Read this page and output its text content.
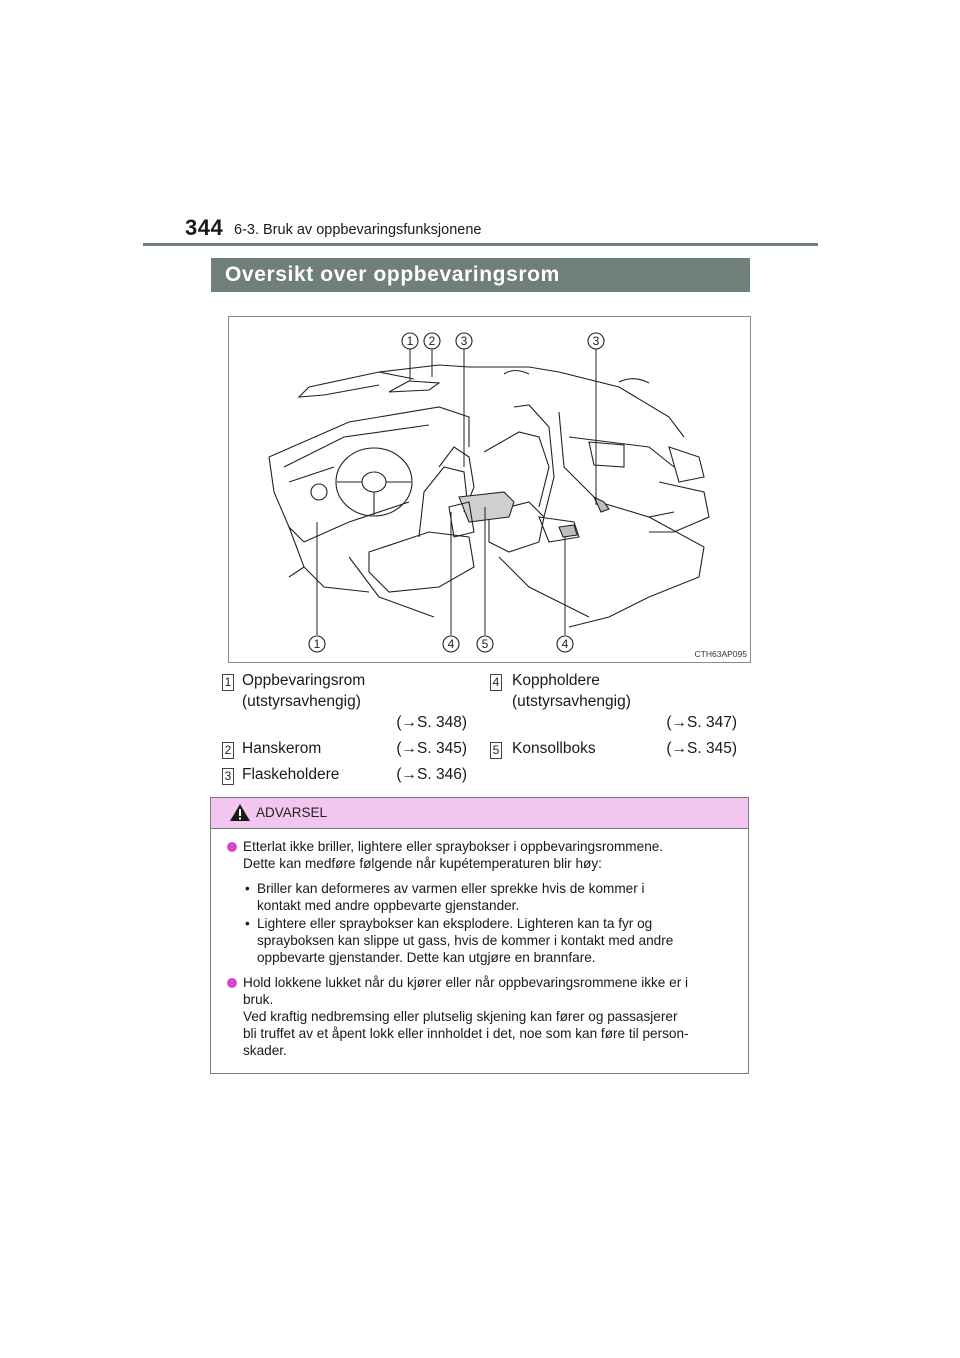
344 6-3. Bruk av oppbevaringsfunksjonene
Oversikt over oppbevaringsrom
1 2 3	3
1	4 5	4
CTH63AP095
1 Oppbevaringsrom
(utstyrsavhengig)
(→S. 348)
2 Hanskerom	(→S. 345)
3 Flaskeholdere	(→S. 346)
4 Koppholdere
(utstyrsavhengig)
(→S. 347)
5 Konsollboks	(→S. 345)
ADVARSEL
Etterlat ikke briller, lightere eller spraybokser i oppbevaringsrommene.
Dette kan medføre følgende når kupétemperaturen blir høy:
• Briller kan deformeres av varmen eller sprekke hvis de kommer i
kontakt med andre oppbevarte gjenstander.
• Lightere eller spraybokser kan eksplodere. Lighteren kan ta fyr og
sprayboksen kan slippe ut gass, hvis de kommer i kontakt med andre
oppbevarte gjenstander. Dette kan utgjøre en brannfare.
Hold lokkene lukket når du kjører eller når oppbevaringsrommene ikke er i
bruk.
Ved kraftig nedbremsing eller plutselig skjening kan fører og passasjerer
bli truffet av et åpent lokk eller innholdet i det, noe som kan føre til person-
skader.
